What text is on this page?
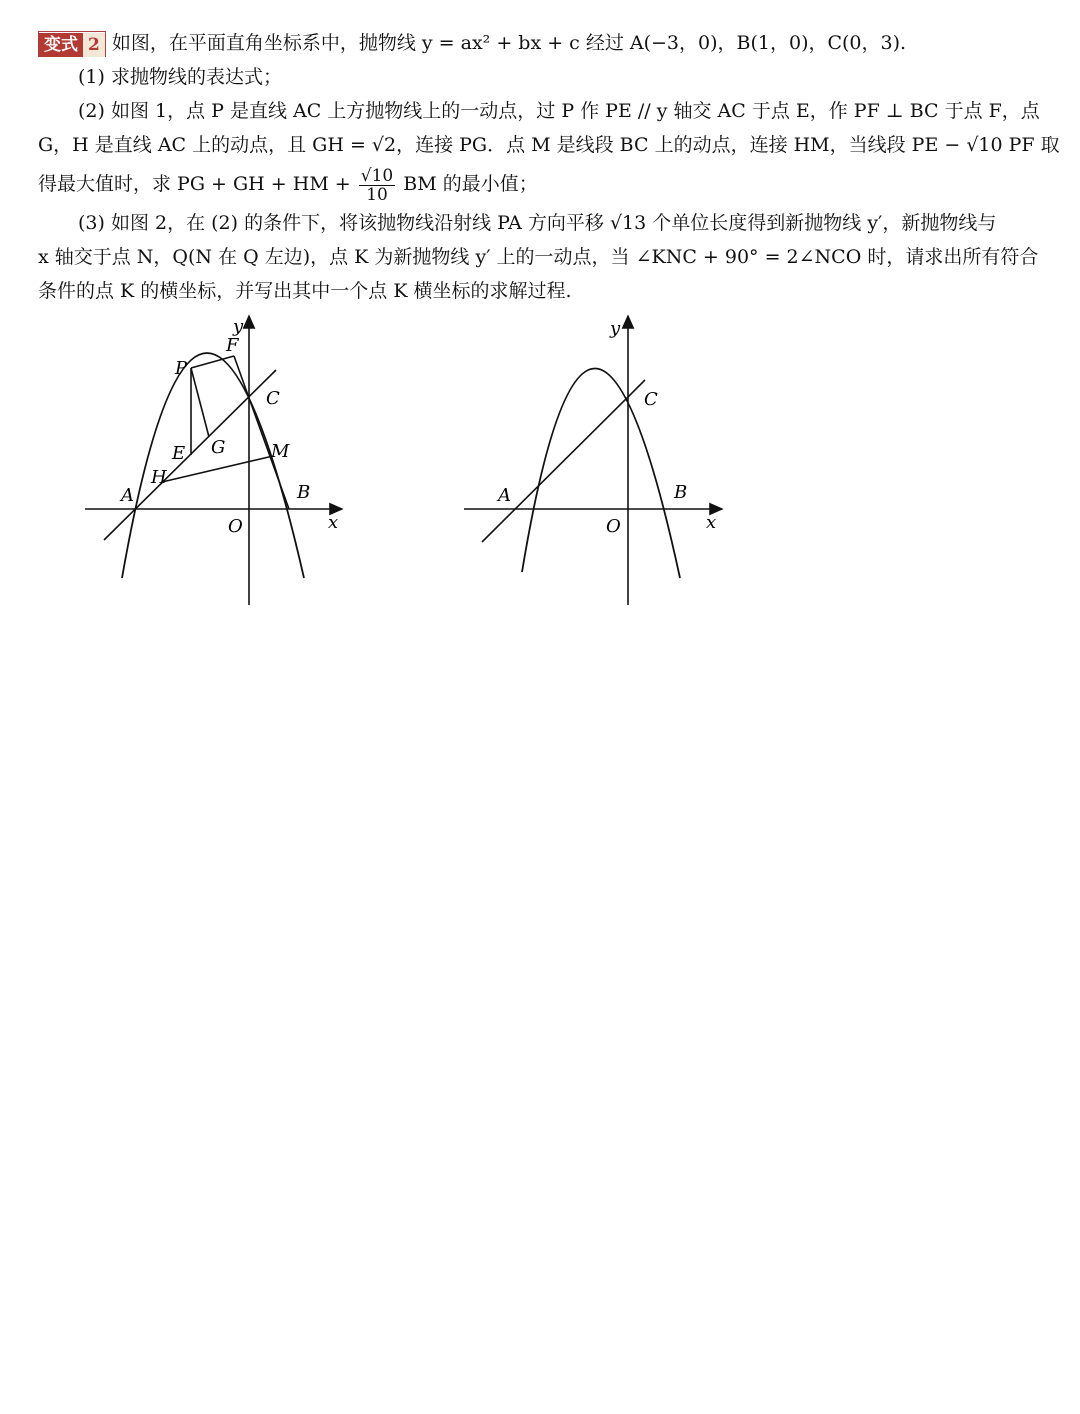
变式 2 如图，在平面直角坐标系中，抛物线 y = ax² + bx + c 经过 A(−3，0)，B(1，0)，C(0，3).
(1) 求抛物线的表达式；
(2) 如图 1，点 P 是直线 AC 上方抛物线上的一动点，过 P 作 PE // y 轴交 AC 于点 E，作 PF ⊥ BC 于点 F，点
G，H 是直线 AC 上的动点，且 GH = √2，连接 PG．点 M 是线段 BC 上的动点，连接 HM，当线段 PE − √10 PF 取
得最大值时，求 PG + GH + HM + $\frac{√10}{10}$ BM 的最小值；
(3) 如图 2，在 (2) 的条件下，将该抛物线沿射线 PA 方向平移 √13 个单位长度得到新抛物线 y′，新抛物线与
x 轴交于点 N，Q(N 在 Q 左边)，点 K 为新抛物线 y′ 上的一动点，当 ∠KNC + 90° = 2∠NCO 时，请求出所有符合
条件的点 K 的横坐标，并写出其中一个点 K 横坐标的求解过程.
y
x
O
A	B
C
P
F
E G
H
M
y
x
O
A	B
C
